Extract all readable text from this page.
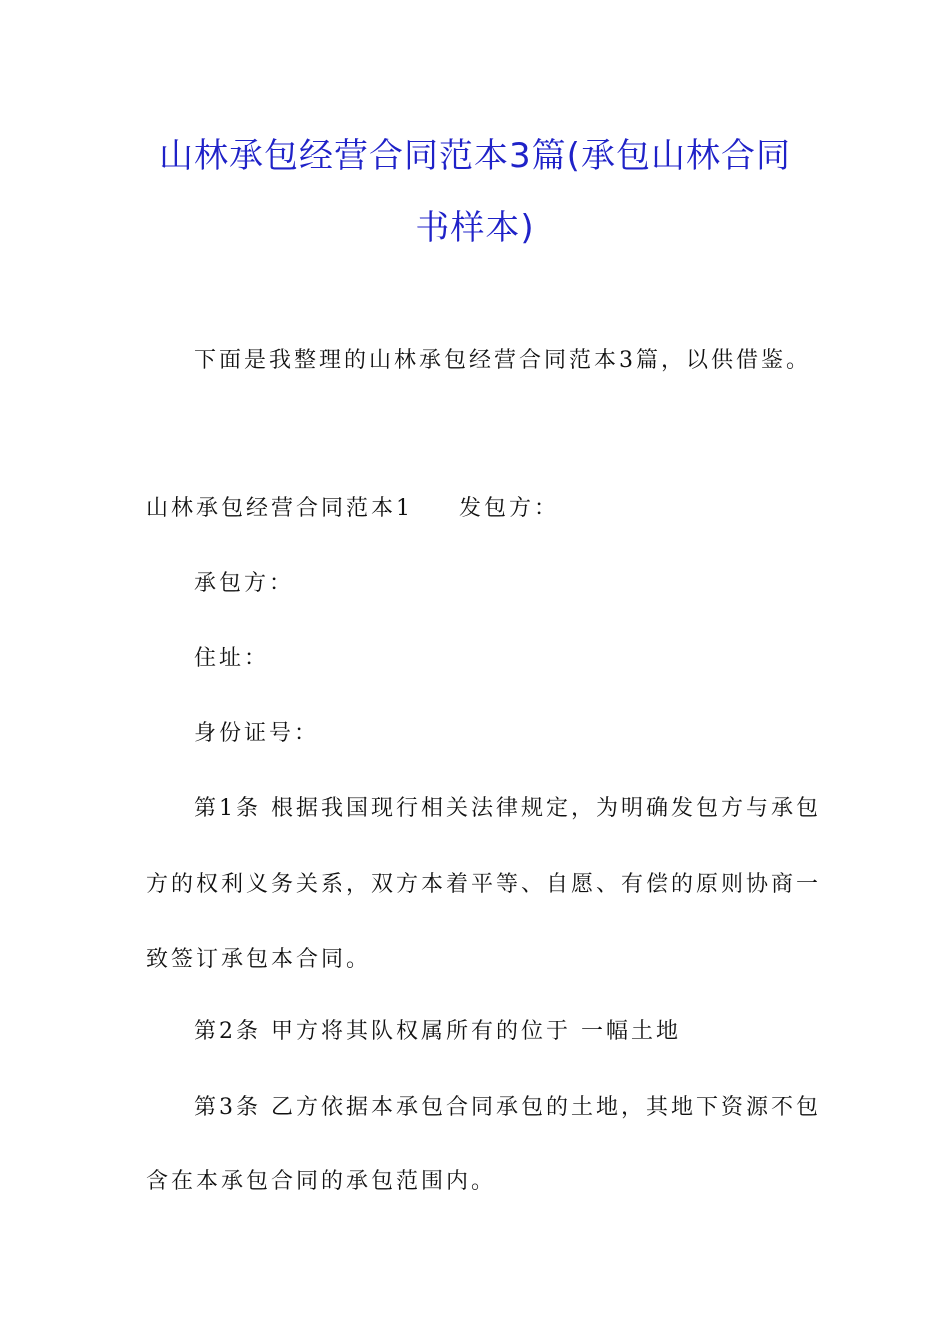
山林承包经营合同范本3篇(承包山林合同
书样本)
下面是我整理的山林承包经营合同范本3篇，以供借鉴。
山林承包经营合同范本1 发包方：
承包方：
住址：
身份证号：
第1条 根据我国现行相关法律规定，为明确发包方与承包
方的权利义务关系，双方本着平等、自愿、有偿的原则协商一
致签订承包本合同。
第2条 甲方将其队权属所有的位于 一幅土地
第3条 乙方依据本承包合同承包的土地，其地下资源不包
含在本承包合同的承包范围内。
